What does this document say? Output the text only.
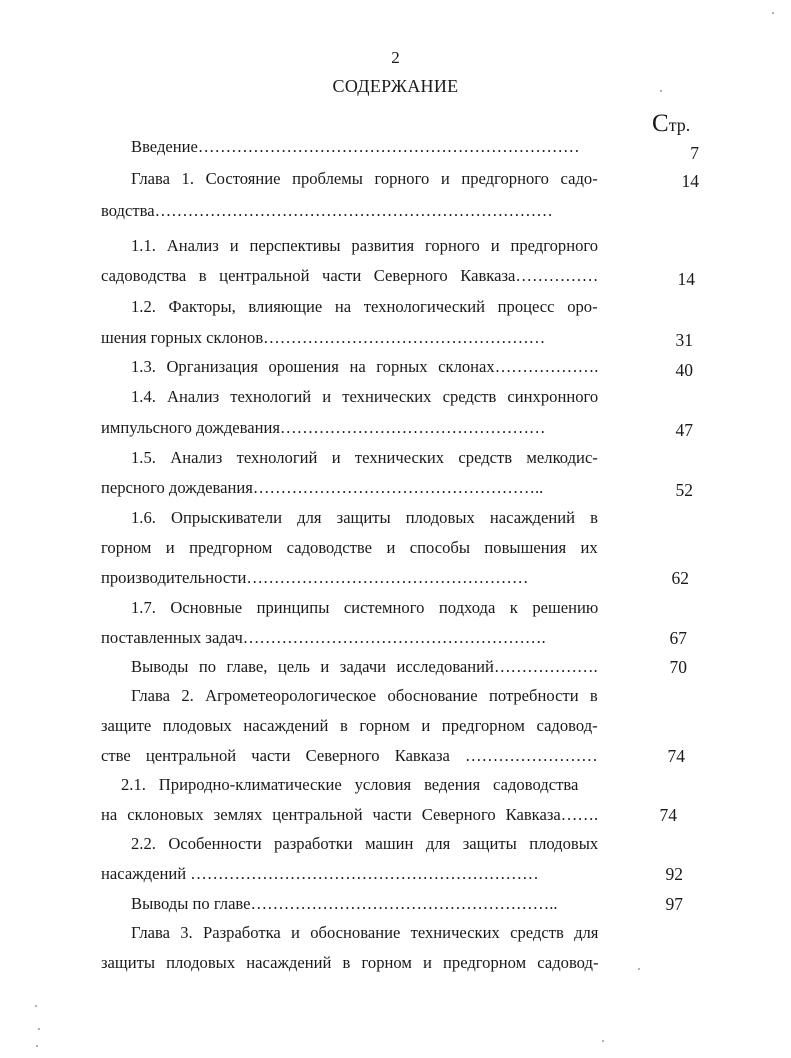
2
СОДЕРЖАНИЕ
Стр.
Введение……………………………………………………………	7
Глава 1. Состояние проблемы горного и предгорного садо-	14
водства………………………………………………………………
1.1. Анализ и перспективы развития горного и предгорного
садоводства в центральной части Северного Кавказа……………	14
1.2. Факторы, влияющие на технологический процесс оро-
шения горных склонов……………………………………………	31
1.3. Организация орошения на горных склонах……………….	40
1.4. Анализ технологий и технических средств синхронного
импульсного дождевания…………………………………………	47
1.5. Анализ технологий и технических средств мелкодис-
персного дождевания……………………………………………..	52
1.6. Опрыскиватели для защиты плодовых насаждений в
горном и предгорном садоводстве и способы повышения их
производительности……………………………………………	62
1.7. Основные принципы системного подхода к решению
поставленных задач……………………………………………….	67
Выводы по главе, цель и задачи исследований……………….	70
Глава 2. Агрометеорологическое обоснование потребности в
защите плодовых насаждений в горном и предгорном садовод-
стве центральной части Северного Кавказа ……………………	74
2.1. Природно-климатические условия ведения садоводства
на склоновых землях центральной части Северного Кавказа…….	74
2.2. Особенности разработки машин для защиты плодовых
насаждений ………………………………………………………	92
Выводы по главе………………………………………………..	97
Глава 3. Разработка и обоснование технических средств для
защиты плодовых насаждений в горном и предгорном садовод-
